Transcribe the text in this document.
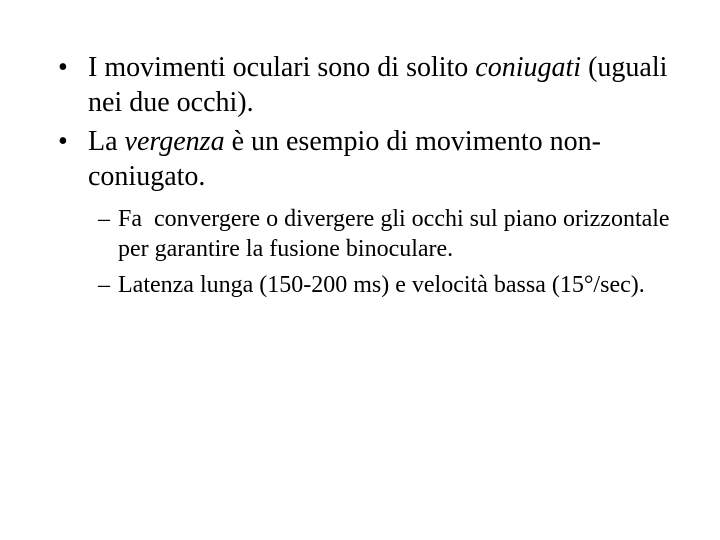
• I movimenti oculari sono di solito coniugati (uguali nei due occhi).
• La vergenza è un esempio di movimento non-coniugato.
– Fa  convergere o divergere gli occhi sul piano orizzontale per garantire la fusione binoculare.
– Latenza lunga (150-200 ms) e velocità bassa (15°/sec).
